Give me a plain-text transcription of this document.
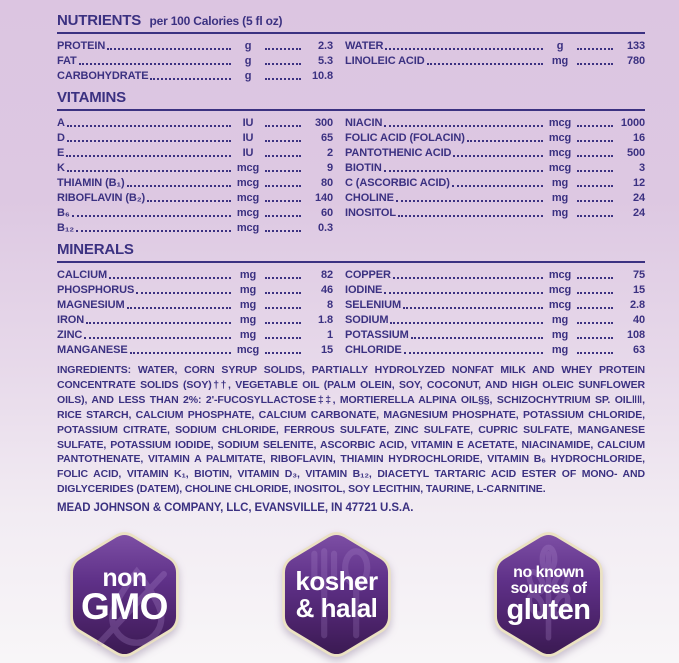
NUTRIENTS per 100 Calories (5 fl oz)
PROTEIN	g	2.3
FAT	g	5.3
CARBOHYDRATE	g	10.8
WATER	g	133
LINOLEIC ACID	mg	780
VITAMINS
A	IU	300
D	IU	65
E	IU	2
K	mcg	9
THIAMIN (B₁)	mcg	80
RIBOFLAVIN (B₂)	mcg	140
B₆	mcg	60
B₁₂	mcg	0.3
NIACIN	mcg	1000
FOLIC ACID (FOLACIN)	mcg	16
PANTOTHENIC ACID	mcg	500
BIOTIN	mcg	3
C (ASCORBIC ACID)	mg	12
CHOLINE	mg	24
INOSITOL	mg	24
MINERALS
CALCIUM	mg	82
PHOSPHORUS	mg	46
MAGNESIUM	mg	8
IRON	mg	1.8
ZINC	mg	1
MANGANESE	mcg	15
COPPER	mcg	75
IODINE	mcg	15
SELENIUM	mcg	2.8
SODIUM	mg	40
POTASSIUM	mg	108
CHLORIDE	mg	63
INGREDIENTS: WATER, CORN SYRUP SOLIDS, PARTIALLY HYDROLYZED NONFAT MILK AND WHEY PROTEIN CONCENTRATE SOLIDS (SOY)††, VEGETABLE OIL (PALM OLEIN, SOY, COCONUT, AND HIGH OLEIC SUNFLOWER OILS), AND LESS THAN 2%: 2'-FUCOSYLLACTOSE‡‡, MORTIERELLA ALPINA OIL§§, SCHIZOCHYTRIUM SP. OIL‖‖, RICE STARCH, CALCIUM PHOSPHATE, CALCIUM CARBONATE, MAGNESIUM PHOSPHATE, POTASSIUM CHLORIDE, POTASSIUM CITRATE, SODIUM CHLORIDE, FERROUS SULFATE, ZINC SULFATE, CUPRIC SULFATE, MANGANESE SULFATE, POTASSIUM IODIDE, SODIUM SELENITE, ASCORBIC ACID, VITAMIN E ACETATE, NIACINAMIDE, CALCIUM PANTOTHENATE, VITAMIN A PALMITATE, RIBOFLAVIN, THIAMIN HYDROCHLORIDE, VITAMIN B₆ HYDROCHLORIDE, FOLIC ACID, VITAMIN K₁, BIOTIN, VITAMIN D₃, VITAMIN B₁₂, DIACETYL TARTARIC ACID ESTER OF MONO- AND DIGLYCERIDES (DATEM), CHOLINE CHLORIDE, INOSITOL, SOY LECITHIN, TAURINE, L-CARNITINE.
MEAD JOHNSON & COMPANY, LLC, EVANSVILLE, IN 47721 U.S.A.
non
GMO
kosher
& halal
no known
sources of
gluten
